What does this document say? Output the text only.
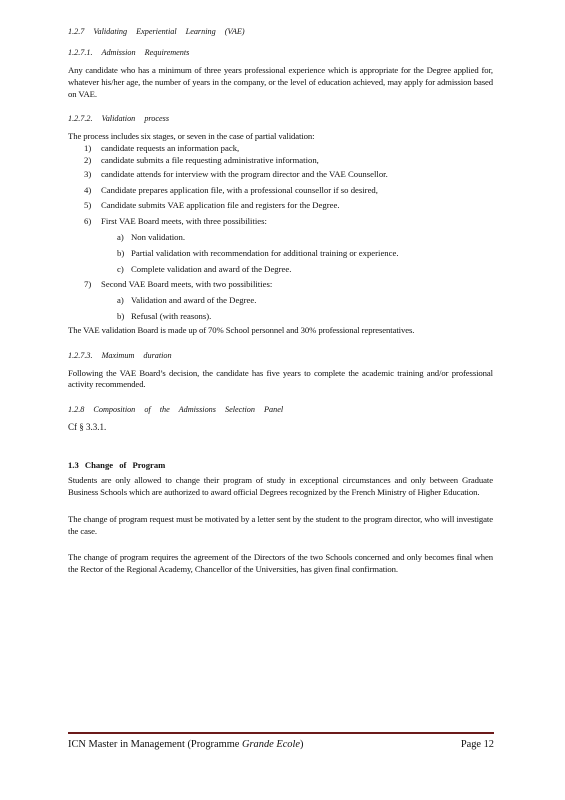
1.2.7 Validating Experiential Learning (VAE)

1.2.7.1. Admission Requirements

Any candidate who has a minimum of three years professional experience which is appropriate for the Degree applied for, whatever his/her age, the number of years in the company, or the level of education achieved, may apply for admission based on VAE.

1.2.7.2. Validation process

The process includes six stages, or seven in the case of partial validation:

1) candidate requests an information pack,
2) candidate submits a file requesting administrative information,
3) candidate attends for interview with the program director and the VAE Counsellor.
4) Candidate prepares application file, with a professional counsellor if so desired,
5) Candidate submits VAE application file and registers for the Degree.
6) First VAE Board meets, with three possibilities:
a) Non validation.
b) Partial validation with recommendation for additional training or experience.
c) Complete validation and award of the Degree.
7) Second VAE Board meets, with two possibilities:
a) Validation and award of the Degree.
b) Refusal (with reasons).

The VAE validation Board is made up of 70% School personnel and 30% professional representatives.

1.2.7.3. Maximum duration

Following the VAE Board’s decision, the candidate has five years to complete the academic training and/or professional activity recommended.

1.2.8 Composition of the Admissions Selection Panel

Cf § 3.3.1.

1.3 Change of Program

Students are only allowed to change their program of study in exceptional circumstances and only between Graduate Business Schools which are authorized to award official Degrees recognized by the French Ministry of Higher Education.

The change of program request must be motivated by a letter sent by the student to the program director, who will investigate the case.

The change of program requires the agreement of the Directors of the two Schools concerned and only becomes final when the Rector of the Regional Academy, Chancellor of the Universities, has given final confirmation.

ICN Master in Management (Programme Grande Ecole)	Page 12
